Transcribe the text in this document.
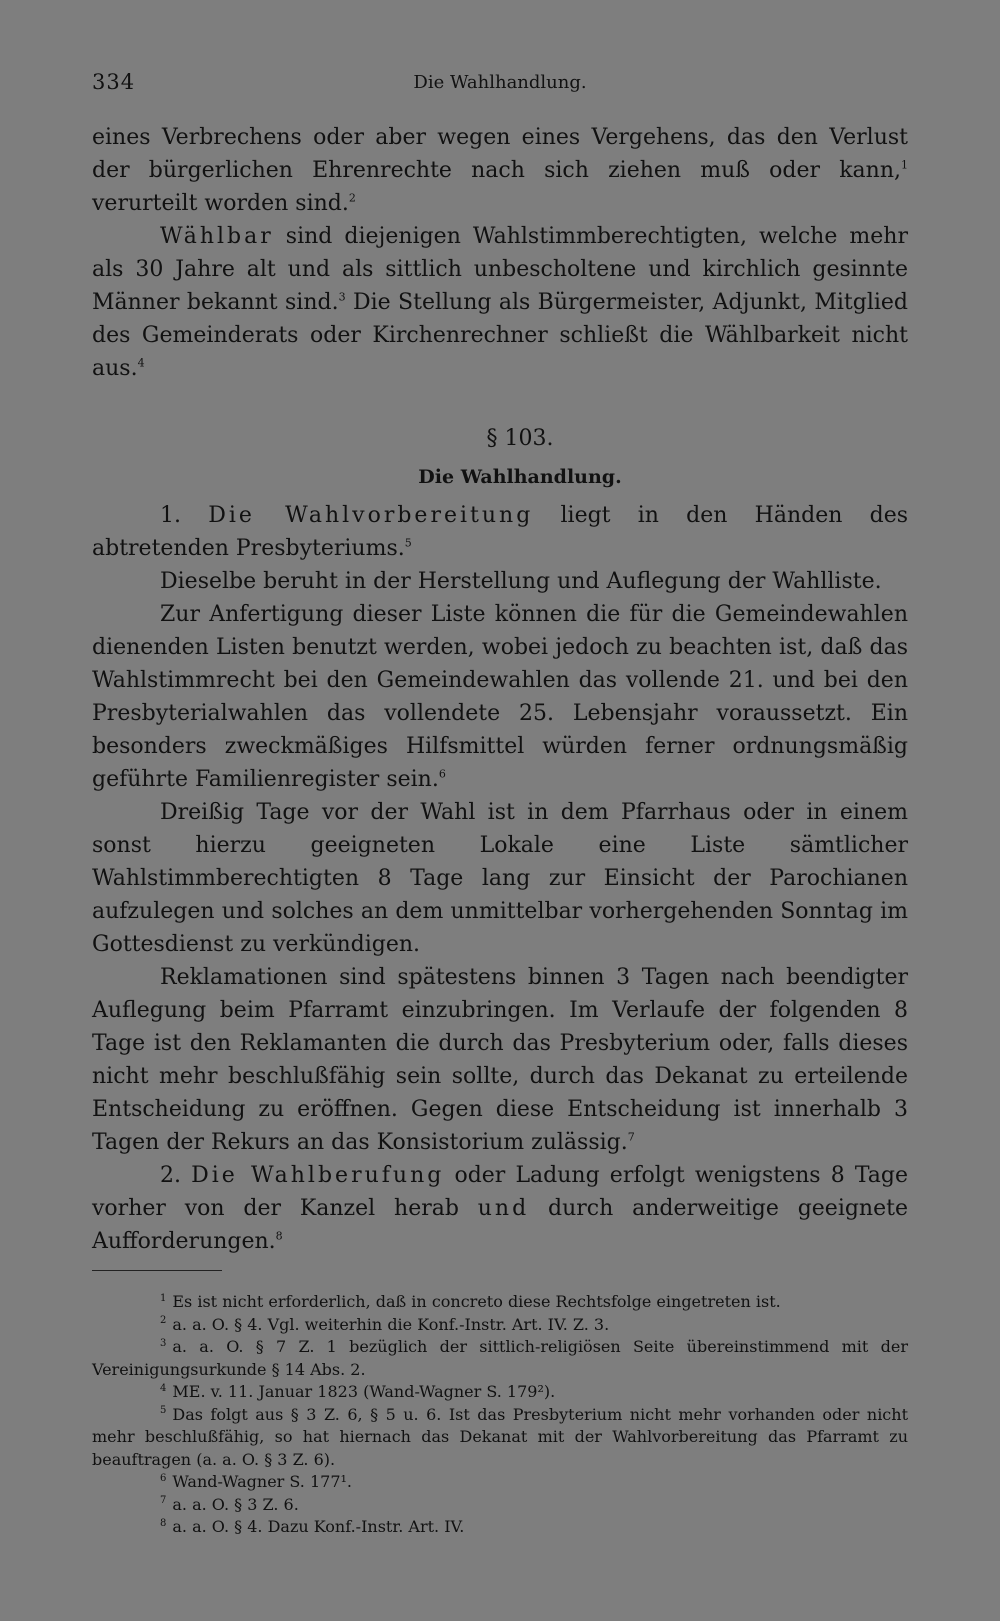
334	Die Wahlhandlung.

eines Verbrechens oder aber wegen eines Vergehens, das den Verlust der bürgerlichen Ehrenrechte nach sich ziehen muß oder kann,$^1$ verurteilt worden sind.$^2$

Wählbar sind diejenigen Wahlstimmberechtigten, welche mehr als 30 Jahre alt und als sittlich unbescholtene und kirchlich gesinnte Männer bekannt sind.$^3$ Die Stellung als Bürgermeister, Adjunkt, Mitglied des Gemeinderats oder Kirchenrechner schließt die Wählbarkeit nicht aus.$^4$

§ 103.

Die Wahlhandlung.

1. Die Wahlvorbereitung liegt in den Händen des abtretenden Presbyteriums.$^5$

Dieselbe beruht in der Herstellung und Auflegung der Wahlliste.

Zur Anfertigung dieser Liste können die für die Gemeindewahlen dienenden Listen benutzt werden, wobei jedoch zu beachten ist, daß das Wahlstimmrecht bei den Gemeindewahlen das vollende 21. und bei den Presbyterialwahlen das vollendete 25. Lebensjahr voraussetzt. Ein besonders zweckmäßiges Hilfsmittel würden ferner ordnungsmäßig geführte Familienregister sein.$^6$

Dreißig Tage vor der Wahl ist in dem Pfarrhaus oder in einem sonst hierzu geeigneten Lokale eine Liste sämtlicher Wahlstimmberechtigten 8 Tage lang zur Einsicht der Parochianen aufzulegen und solches an dem unmittelbar vorhergehenden Sonntag im Gottesdienst zu verkündigen.

Reklamationen sind spätestens binnen 3 Tagen nach beendigter Auflegung beim Pfarramt einzubringen. Im Verlaufe der folgenden 8 Tage ist den Reklamanten die durch das Presbyterium oder, falls dieses nicht mehr beschlußfähig sein sollte, durch das Dekanat zu erteilende Entscheidung zu eröffnen. Gegen diese Entscheidung ist innerhalb 3 Tagen der Rekurs an das Konsistorium zulässig.$^7$

2. Die Wahlberufung oder Ladung erfolgt wenigstens 8 Tage vorher von der Kanzel herab und durch anderweitige geeignete Aufforderungen.$^8$

$^1$ Es ist nicht erforderlich, daß in concreto diese Rechtsfolge eingetreten ist.

$^2$ a. a. O. § 4. Vgl. weiterhin die Konf.-Instr. Art. IV. Z. 3.

$^3$ a. a. O. § 7 Z. 1 bezüglich der sittlich-religiösen Seite übereinstimmend mit der Vereinigungsurkunde § 14 Abs. 2.

$^4$ ME. v. 11. Januar 1823 (Wand-Wagner S. 179²).

$^5$ Das folgt aus § 3 Z. 6, § 5 u. 6. Ist das Presbyterium nicht mehr vorhanden oder nicht mehr beschlußfähig, so hat hiernach das Dekanat mit der Wahlvorbereitung das Pfarramt zu beauftragen (a. a. O. § 3 Z. 6).

$^6$ Wand-Wagner S. 177¹.

$^7$ a. a. O. § 3 Z. 6.

$^8$ a. a. O. § 4. Dazu Konf.-Instr. Art. IV.
